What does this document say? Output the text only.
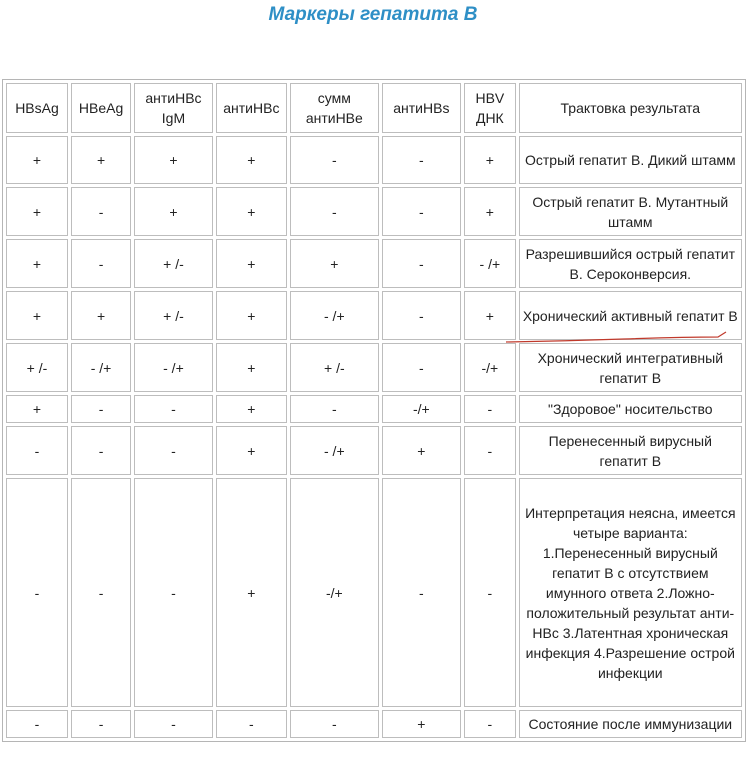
Маркеры гепатита В
HBsAg	HBeAg	антиНВс IgM	антиНВс	сумм антиНВе	антиНВs	HBV ДНК	Трактовка результата
+	+	+	+	-	-	+	Острый гепатит В. Дикий штамм
+	-	+	+	-	-	+	Острый гепатит В. Мутантный штамм
+	-	+ /-	+	+	-	- /+	Разрешившийся острый гепатит В. Сероконверсия.
+	+	+ /-	+	- /+	-	+	Хронический активный гепатит В
+ /-	- /+	- /+	+	+ /-	-	-/+	Хронический интегративный гепатит В
+	-	-	+	-	-/+	-	"Здоровое" носительство
-	-	-	+	- /+	+	-	Перенесенный вирусный гепатит В
-	-	-	+	-/+	-	-	Интерпретация неясна, имеется четыре варианта: 1.Перенесенный вирусный гепатит В с отсутствием имунного ответа 2.Ложно-положительный результат анти-НВс 3.Латентная хроническая инфекция 4.Разрешение острой инфекции
-	-	-	-	-	+	-	Состояние после иммунизации
